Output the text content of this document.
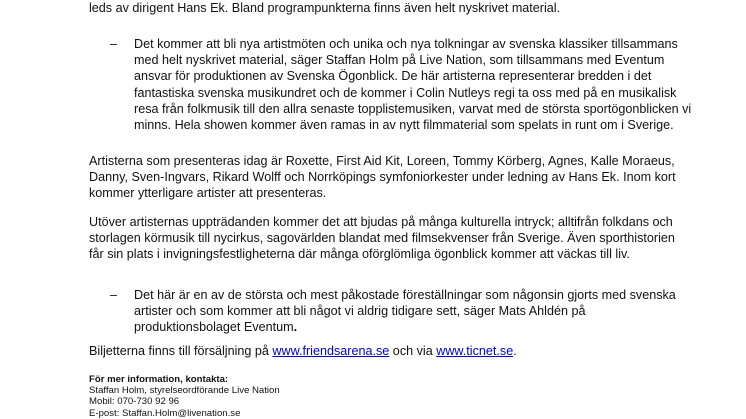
leds av dirigent Hans Ek. Bland programpunkterna finns även helt nyskrivet material.

– Det kommer att bli nya artistmöten och unika och nya tolkningar av svenska klassiker tillsammans med helt nyskrivet material, säger Staffan Holm på Live Nation, som tillsammans med Eventum ansvar för produktionen av Svenska Ögonblick. De här artisterna representerar bredden i det fantastiska svenska musikundret och de kommer i Colin Nutleys regi ta oss med på en musikalisk resa från folkmusik till den allra senaste topplistemusiken, varvat med de största sportögonblicken vi minns. Hela showen kommer även ramas in av nytt filmmaterial som spelats in runt om i Sverige.

Artisterna som presenteras idag är Roxette, First Aid Kit, Loreen, Tommy Körberg, Agnes, Kalle Moraeus, Danny, Sven-Ingvars, Rikard Wolff och Norrköpings symfoniorkester under ledning av Hans Ek. Inom kort kommer ytterligare artister att presenteras.

Utöver artisternas uppträdanden kommer det att bjudas på många kulturella intryck; alltifrån folkdans och storlagen körmusik till nycirkus, sagovärlden blandat med filmsekvenser från Sverige. Även sporthistorien får sin plats i invigningsfestligheterna där många oförglömliga ögonblick kommer att väckas till liv.

– Det här är en av de största och mest påkostade föreställningar som någonsin gjorts med svenska artister och som kommer att bli något vi aldrig tidigare sett, säger Mats Ahldén på produktionsbolaget Eventum.

Biljetterna finns till försäljning på www.friendsarena.se och via www.ticnet.se.

För mer information, kontakta:
Staffan Holm, styrelseordförande Live Nation
Mobil: 070-730 92 96
E-post: Staffan.Holm@livenation.se
